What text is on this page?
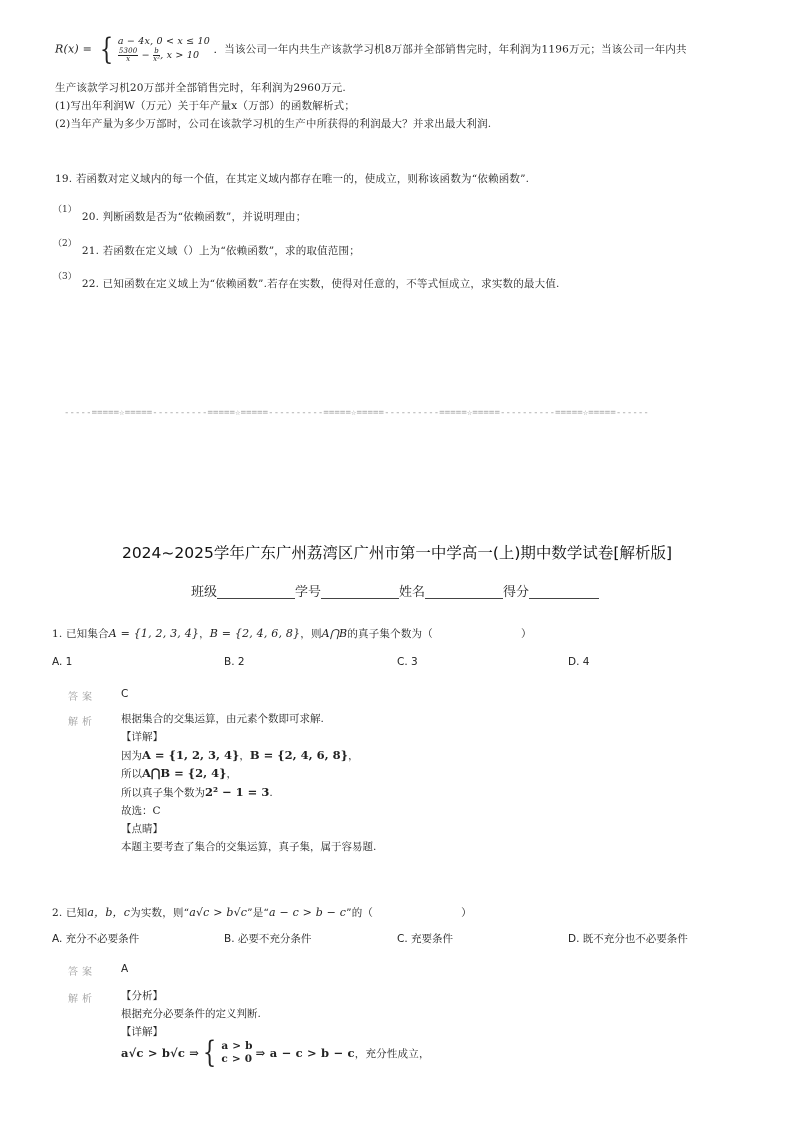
R(x) = { a − 4x, 0 < x ≤ 10
$\frac{5300}{x} - \frac{b}{\text{x²}}$ , x > 10	．当该公司一年内共生产该款学习机8万部并全部销售完时，年利润为1196万元；当该公司一年内共
生产该款学习机20万部并全部销售完时，年利润为2960万元.
(1)写出年利润W（万元）关于年产量x（万部）的函数解析式；
(2)当年产量为多少万部时，公司在该款学习机的生产中所获得的利润最大？并求出最大利润.
19. 若函数对定义域内的每一个值，在其定义域内都存在唯一的，使成立，则称该函数为“依赖函数”.
（1） $_{20. 判断函数是否为“依赖函数”,并说明理由;}$
（2） $_{21. 若函数在定义域()上为“依赖函数”,求的取值范围;}$
（3） $_{22. 已知函数在定义域上为“依赖函数”.若存在实数,使得对任意的,不等式恒成立,求实数的最大值.}$
-----=====☆=====----------=====☆=====----------=====☆=====----------=====☆=====----------=====☆=====------
2024~2025学年广东广州荔湾区广州市第一中学高一(上)期中数学试卷[解析版]
班级	学号	姓名	得分
1. 已知集合A = {1, 2, 3, 4}，B = {2, 4, 6, 8}，则A⋂B的真子集个数为（	）
A. 1	B. 2	C. 3	D. 4
答案 C
解析 根据集合的交集运算，由元素个数即可求解.
【详解】
因为A = {1, 2, 3, 4}，B = {2, 4, 6, 8}，
所以A⋂B = {2, 4}，
所以真子集个数为2² − 1 = 3.
故选：C
【点睛】
本题主要考查了集合的交集运算，真子集，属于容易题.
2. 已知a，b，c为实数，则“a√c > b√c”是“a − c > b − c”的（	）
A. 充分不必要条件	B. 必要不充分条件	C. 充要条件	D. 既不充分也不必要条件
答案 A
解析 【分析】
根据充分必要条件的定义判断.
【详解】
a√c > b√c ⇒ { a > b
c > 0 ⇒ a − c > b − c ，充分性成立，
